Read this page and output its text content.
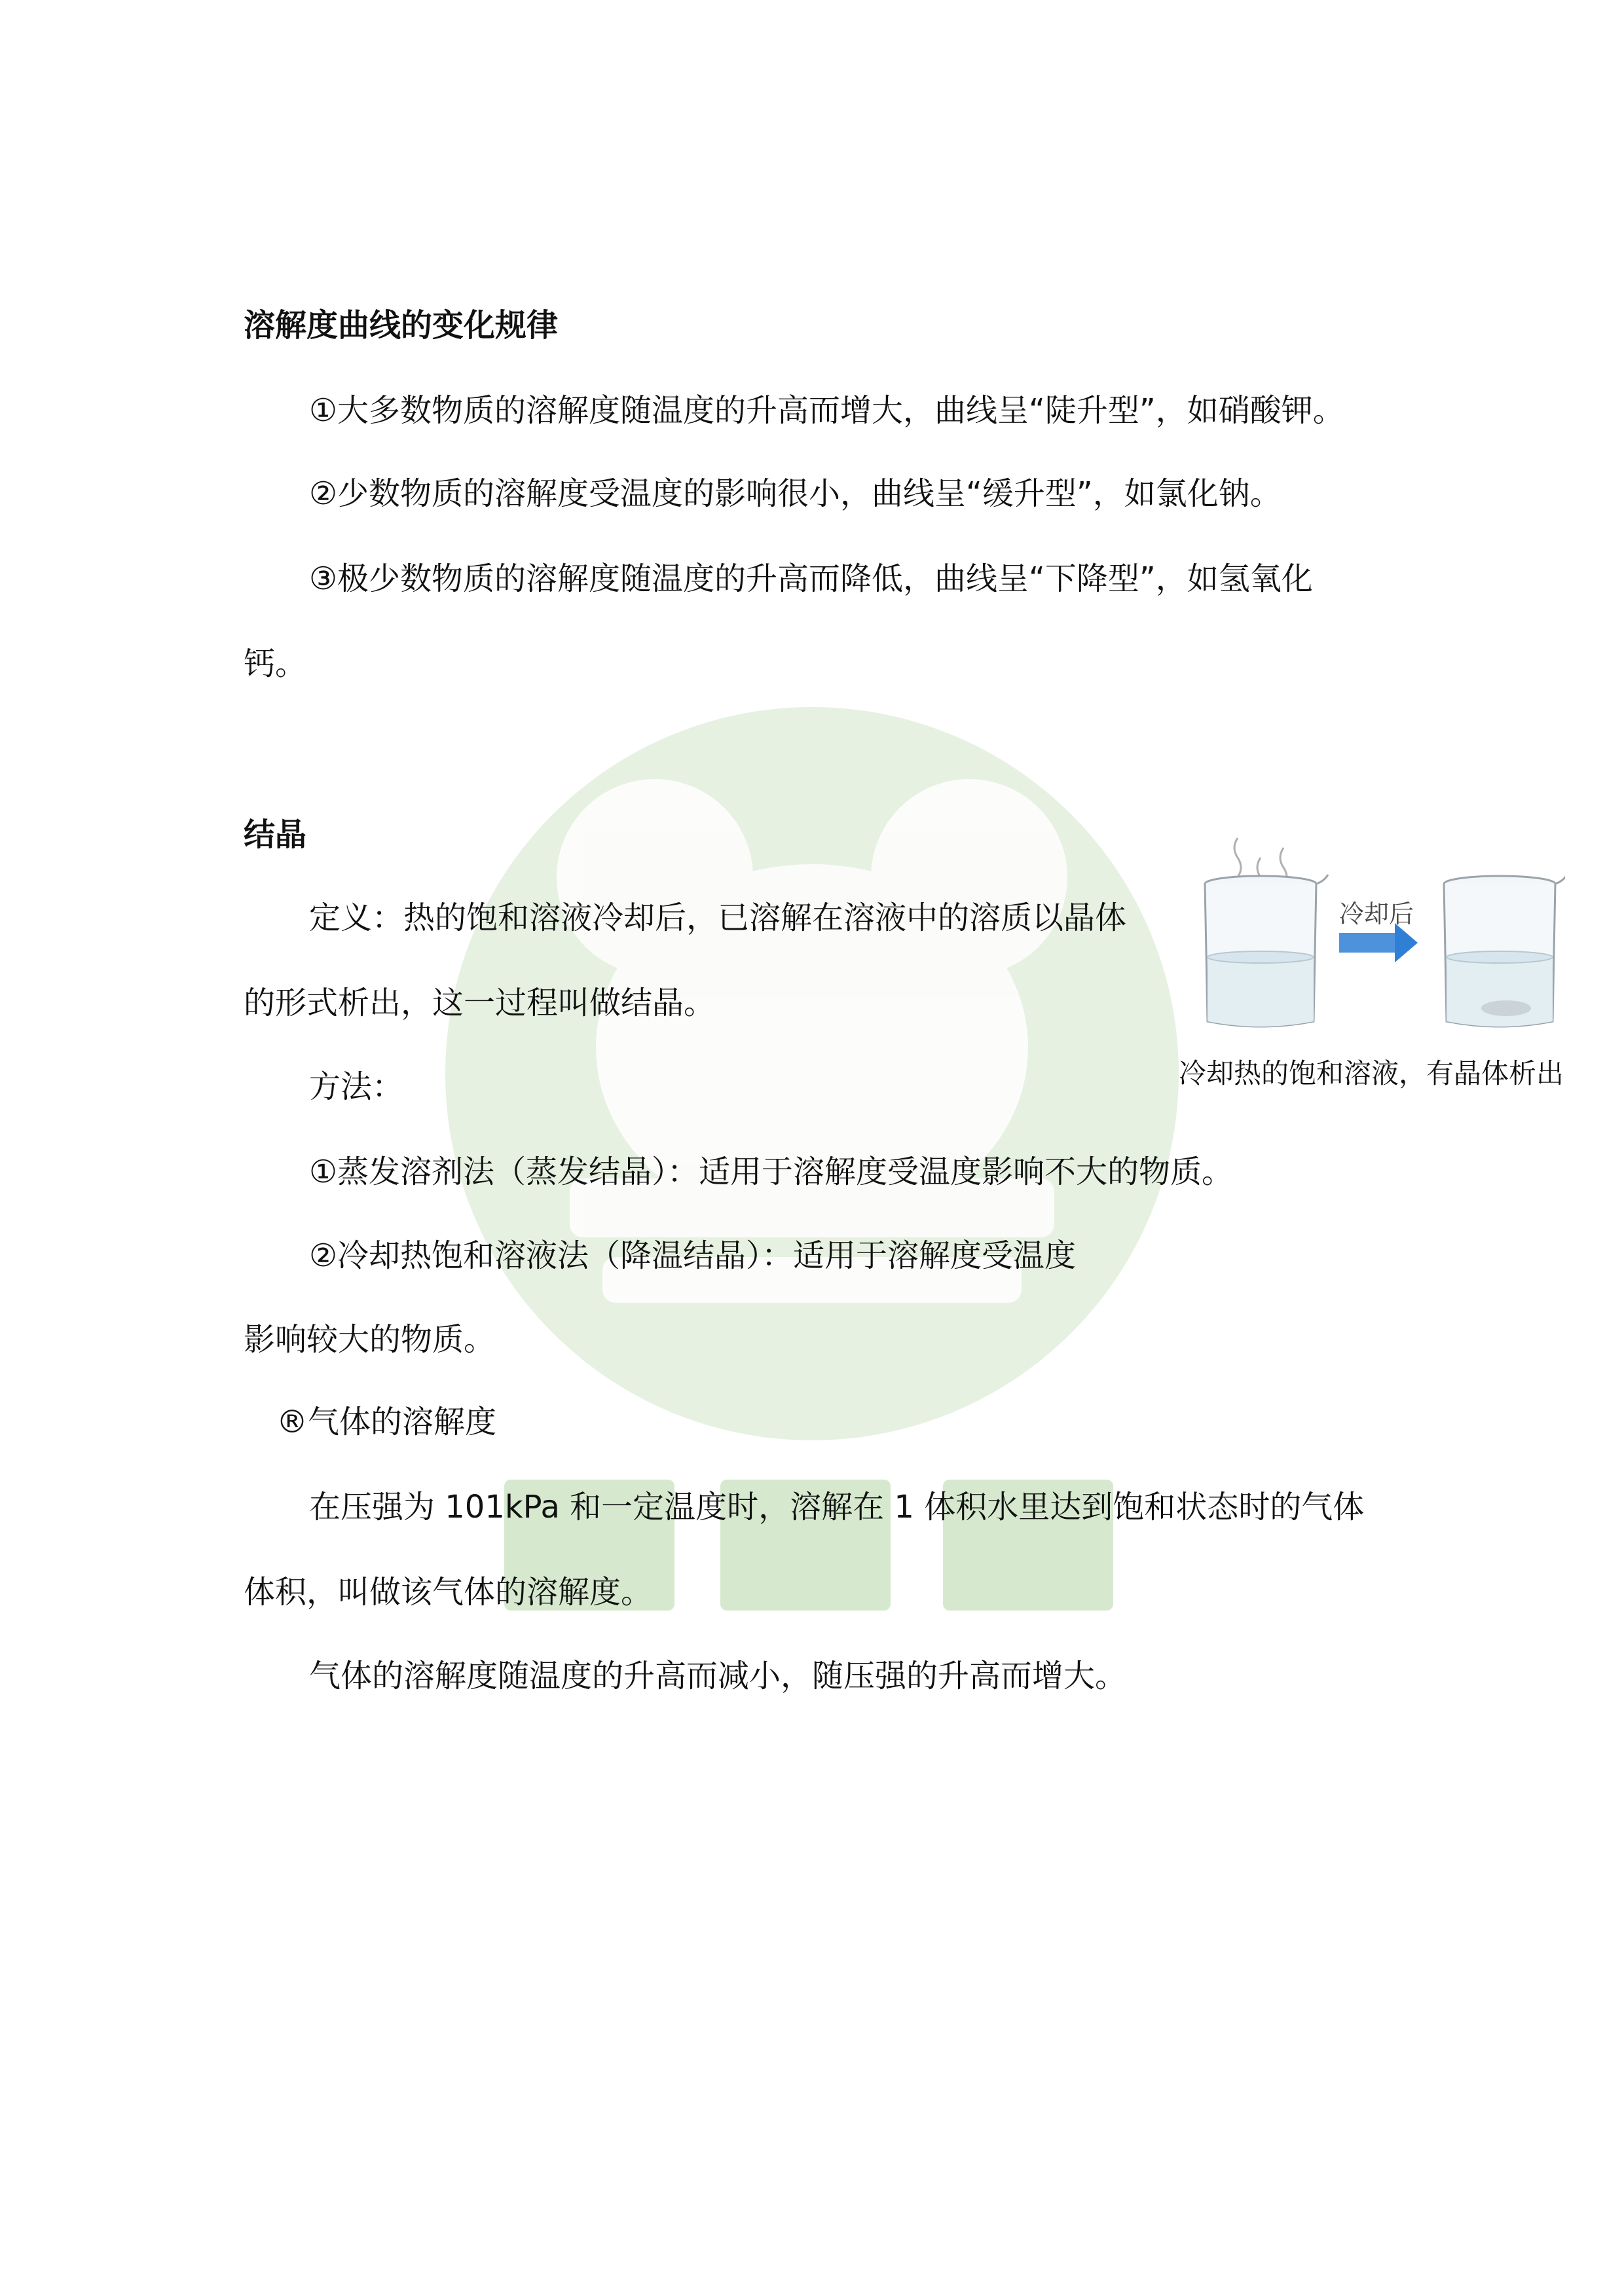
溶解度曲线的变化规律
①大多数物质的溶解度随温度的升高而增大，曲线呈“陡升型”，如硝酸钾。
②少数物质的溶解度受温度的影响很小，曲线呈“缓升型”，如氯化钠。
③极少数物质的溶解度随温度的升高而降低，曲线呈“下降型”，如氢氧化
钙。
结晶
定义：热的饱和溶液冷却后，已溶解在溶液中的溶质以晶体
的形式析出，这一过程叫做结晶。
方法：
①蒸发溶剂法（蒸发结晶）：适用于溶解度受温度影响不大的物质。
②冷却热饱和溶液法（降温结晶）：适用于溶解度受温度
影响较大的物质。
冷却后
冷却热的饱和溶液，有晶体析出
®气体的溶解度
在压强为 101kPa 和一定温度时，溶解在 1 体积水里达到饱和状态时的气体
体积，叫做该气体的溶解度。
气体的溶解度随温度的升高而减小，随压强的升高而增大。
